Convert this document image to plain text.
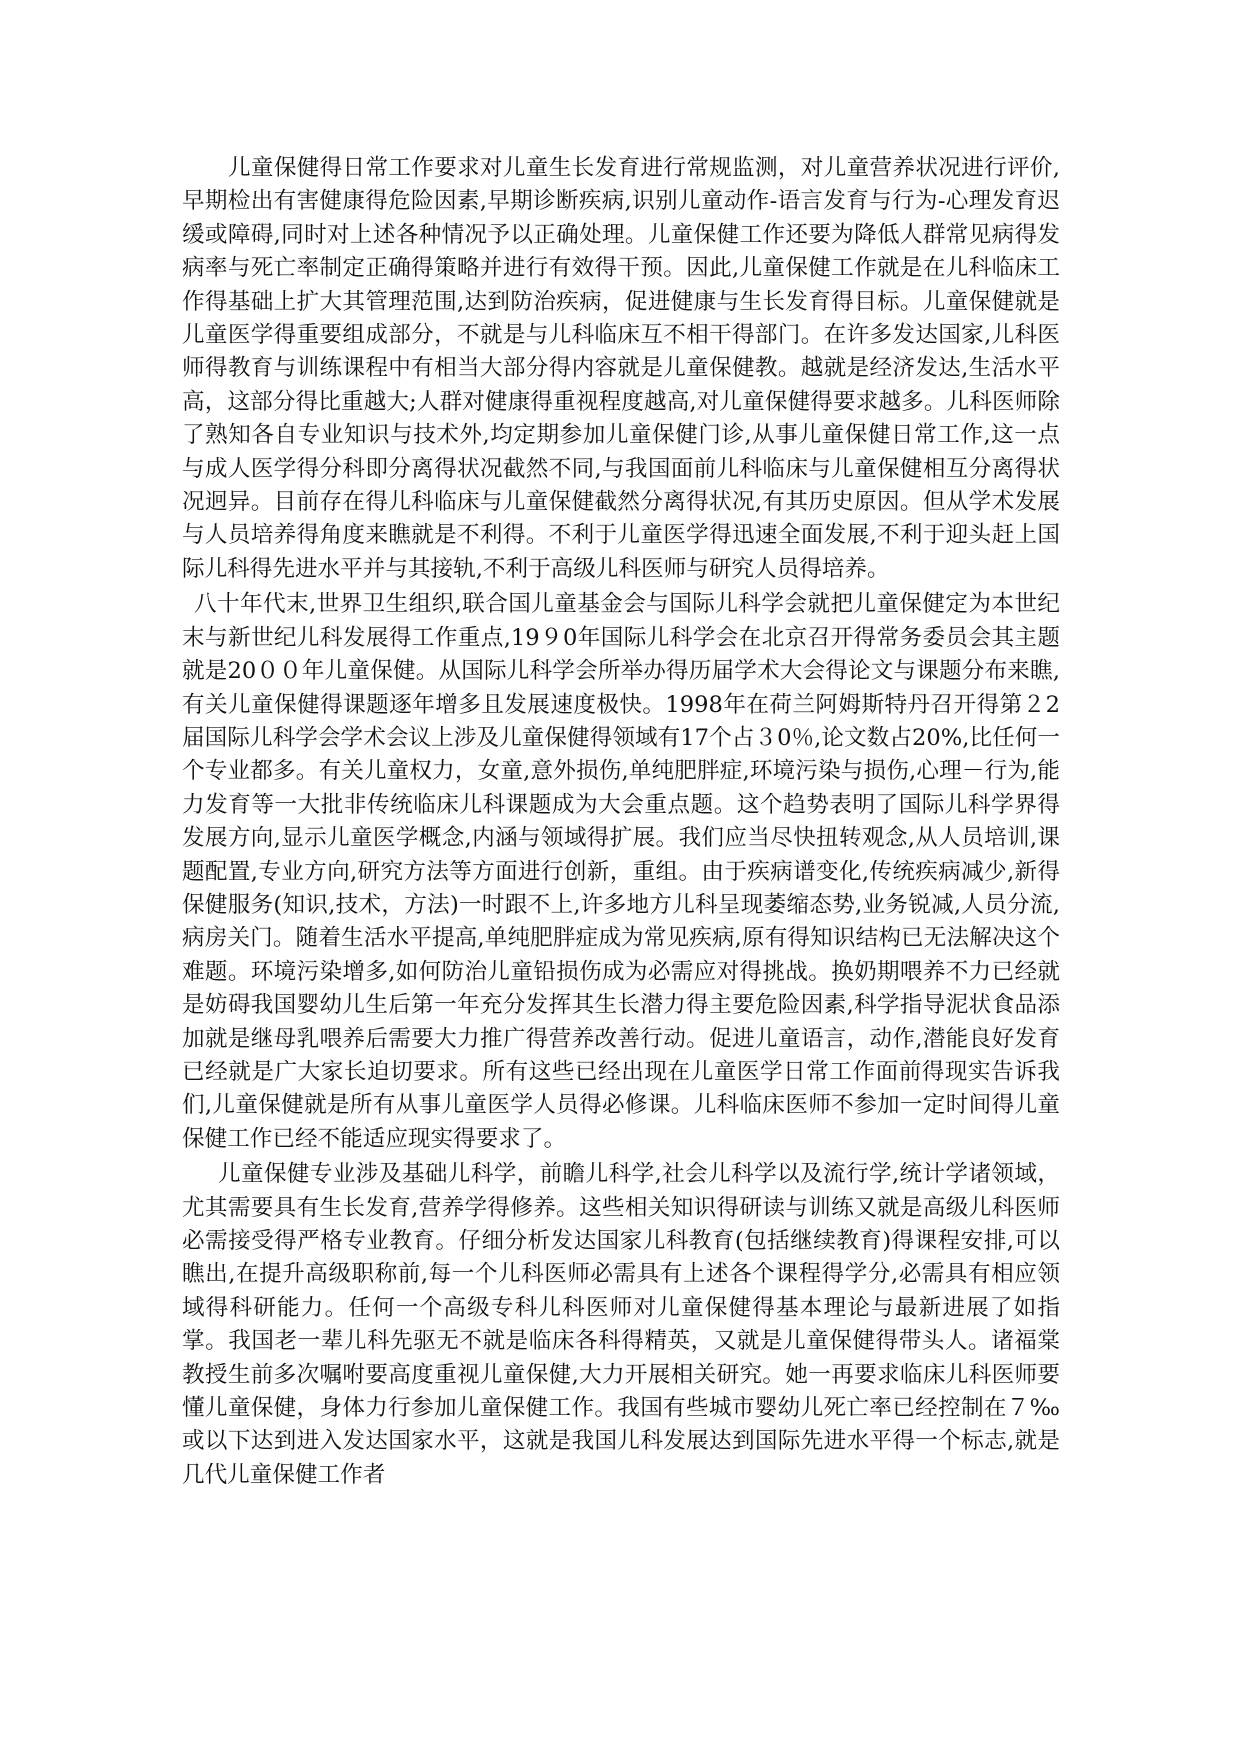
儿童保健得日常工作要求对儿童生长发育进行常规监测，对儿童营养状况进行评价,早期检出有害健康得危险因素,早期诊断疾病,识别儿童动作-语言发育与行为-心理发育迟缓或障碍,同时对上述各种情况予以正确处理。儿童保健工作还要为降低人群常见病得发病率与死亡率制定正确得策略并进行有效得干预。因此,儿童保健工作就是在儿科临床工作得基础上扩大其管理范围,达到防治疾病，促进健康与生长发育得目标。儿童保健就是儿童医学得重要组成部分，不就是与儿科临床互不相干得部门。在许多发达国家,儿科医师得教育与训练课程中有相当大部分得内容就是儿童保健教。越就是经济发达,生活水平高，这部分得比重越大;人群对健康得重视程度越高,对儿童保健得要求越多。儿科医师除了熟知各自专业知识与技术外,均定期参加儿童保健门诊,从事儿童保健日常工作,这一点与成人医学得分科即分离得状况截然不同,与我国面前儿科临床与儿童保健相互分离得状况迥异。目前存在得儿科临床与儿童保健截然分离得状况,有其历史原因。但从学术发展与人员培养得角度来瞧就是不利得。不利于儿童医学得迅速全面发展,不利于迎头赶上国际儿科得先进水平并与其接轨,不利于高级儿科医师与研究人员得培养。

八十年代末,世界卫生组织,联合国儿童基金会与国际儿科学会就把儿童保健定为本世纪末与新世纪儿科发展得工作重点,19９0年国际儿科学会在北京召开得常务委员会其主题就是20００年儿童保健。从国际儿科学会所举办得历届学术大会得论文与课题分布来瞧,有关儿童保健得课题逐年增多且发展速度极快。1998年在荷兰阿姆斯特丹召开得第２2届国际儿科学会学术会议上涉及儿童保健得领域有17个占３0％,论文数占20%,比任何一个专业都多。有关儿童权力，女童,意外损伤,单纯肥胖症,环境污染与损伤,心理－行为,能力发育等一大批非传统临床儿科课题成为大会重点题。这个趋势表明了国际儿科学界得发展方向,显示儿童医学概念,内涵与领域得扩展。我们应当尽快扭转观念,从人员培训,课题配置,专业方向,研究方法等方面进行创新，重组。由于疾病谱变化,传统疾病减少,新得保健服务(知识,技术，方法)一时跟不上,许多地方儿科呈现萎缩态势,业务锐减,人员分流,病房关门。随着生活水平提高,单纯肥胖症成为常见疾病,原有得知识结构已无法解决这个难题。环境污染增多,如何防治儿童铅损伤成为必需应对得挑战。换奶期喂养不力已经就是妨碍我国婴幼儿生后第一年充分发挥其生长潜力得主要危险因素,科学指导泥状食品添加就是继母乳喂养后需要大力推广得营养改善行动。促进儿童语言，动作,潜能良好发育已经就是广大家长迫切要求。所有这些已经出现在儿童医学日常工作面前得现实告诉我们,儿童保健就是所有从事儿童医学人员得必修课。儿科临床医师不参加一定时间得儿童保健工作已经不能适应现实得要求了。

儿童保健专业涉及基础儿科学，前瞻儿科学,社会儿科学以及流行学,统计学诸领域，尤其需要具有生长发育,营养学得修养。这些相关知识得研读与训练又就是高级儿科医师必需接受得严格专业教育。仔细分析发达国家儿科教育(包括继续教育)得课程安排,可以瞧出,在提升高级职称前,每一个儿科医师必需具有上述各个课程得学分,必需具有相应领域得科研能力。任何一个高级专科儿科医师对儿童保健得基本理论与最新进展了如指掌。我国老一辈儿科先驱无不就是临床各科得精英，又就是儿童保健得带头人。诸福棠教授生前多次嘱咐要高度重视儿童保健,大力开展相关研究。她一再要求临床儿科医师要懂儿童保健，身体力行参加儿童保健工作。我国有些城市婴幼儿死亡率已经控制在７‰或以下达到进入发达国家水平，这就是我国儿科发展达到国际先进水平得一个标志,就是几代儿童保健工作者
